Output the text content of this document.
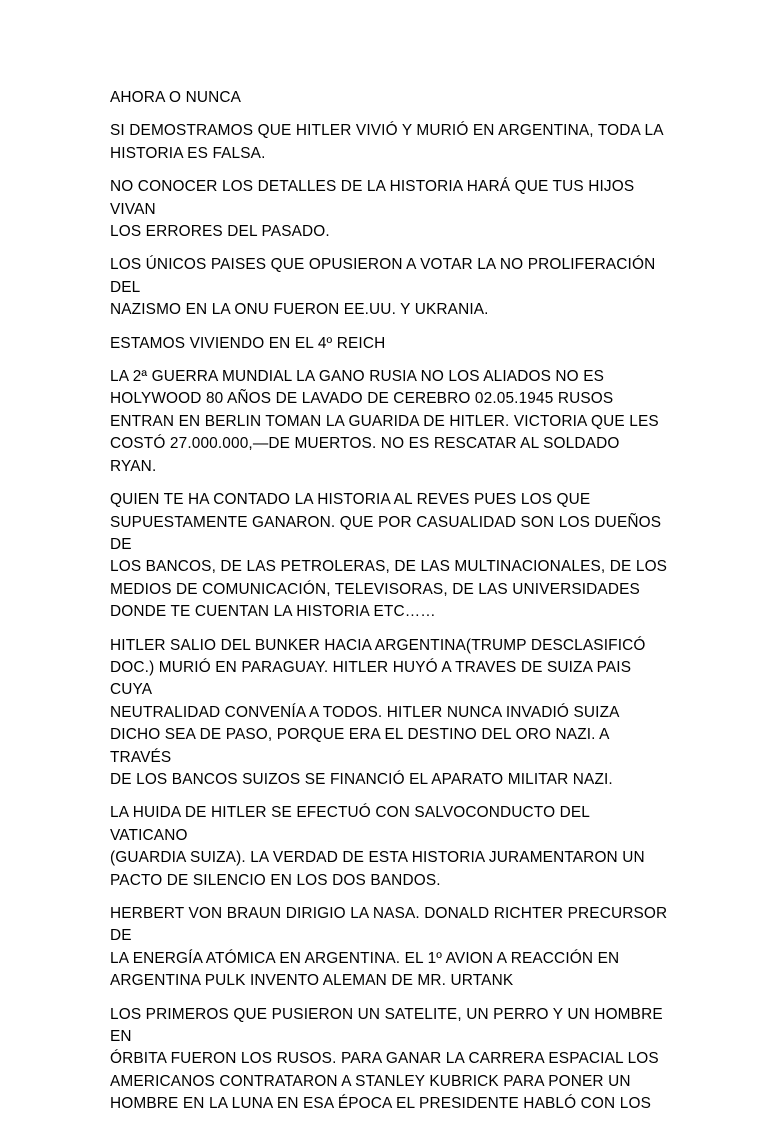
AHORA O NUNCA

SI DEMOSTRAMOS QUE HITLER VIVIÓ Y MURIÓ EN ARGENTINA, TODA LA
HISTORIA ES FALSA.

NO CONOCER LOS DETALLES DE LA HISTORIA HARÁ QUE TUS HIJOS VIVAN
LOS ERRORES DEL PASADO.

LOS ÚNICOS PAISES QUE OPUSIERON A VOTAR LA NO PROLIFERACIÓN DEL
NAZISMO EN LA ONU FUERON EE.UU. Y UKRANIA.

ESTAMOS VIVIENDO EN EL 4º REICH

LA 2ª GUERRA MUNDIAL LA GANO RUSIA NO LOS ALIADOS NO ES
HOLYWOOD 80 AÑOS DE LAVADO DE CEREBRO 02.05.1945 RUSOS
ENTRAN EN BERLIN TOMAN LA GUARIDA DE HITLER. VICTORIA QUE LES
COSTÓ 27.000.000,—DE MUERTOS. NO ES RESCATAR AL SOLDADO RYAN.

QUIEN TE HA CONTADO LA HISTORIA AL REVES PUES LOS QUE
SUPUESTAMENTE GANARON. QUE POR CASUALIDAD SON LOS DUEÑOS DE
LOS BANCOS, DE LAS PETROLERAS, DE LAS MULTINACIONALES, DE LOS
MEDIOS DE COMUNICACIÓN, TELEVISORAS, DE LAS UNIVERSIDADES
DONDE TE CUENTAN LA HISTORIA ETC……

HITLER SALIO DEL BUNKER HACIA ARGENTINA(TRUMP DESCLASIFICÓ
DOC.) MURIÓ EN PARAGUAY. HITLER HUYÓ A TRAVES DE SUIZA PAIS CUYA
NEUTRALIDAD CONVENÍA A TODOS. HITLER NUNCA INVADIÓ SUIZA
DICHO SEA DE PASO, PORQUE ERA EL DESTINO DEL ORO NAZI. A TRAVÉS
DE LOS BANCOS SUIZOS SE FINANCIÓ EL APARATO MILITAR NAZI.

LA HUIDA DE HITLER SE EFECTUÓ CON SALVOCONDUCTO DEL VATICANO
(GUARDIA SUIZA). LA VERDAD DE ESTA HISTORIA JURAMENTARON UN
PACTO DE SILENCIO EN LOS DOS BANDOS.

HERBERT VON BRAUN DIRIGIO LA NASA. DONALD RICHTER PRECURSOR DE
LA ENERGÍA ATÓMICA EN ARGENTINA. EL 1º AVION A REACCIÓN EN
ARGENTINA PULK INVENTO ALEMAN DE MR. URTANK

LOS PRIMEROS QUE PUSIERON UN SATELITE, UN PERRO Y UN HOMBRE EN
ÓRBITA FUERON LOS RUSOS. PARA GANAR LA CARRERA ESPACIAL LOS
AMERICANOS CONTRATARON A STANLEY KUBRICK PARA PONER UN
HOMBRE EN LA LUNA EN ESA ÉPOCA EL PRESIDENTE HABLÓ CON LOS
